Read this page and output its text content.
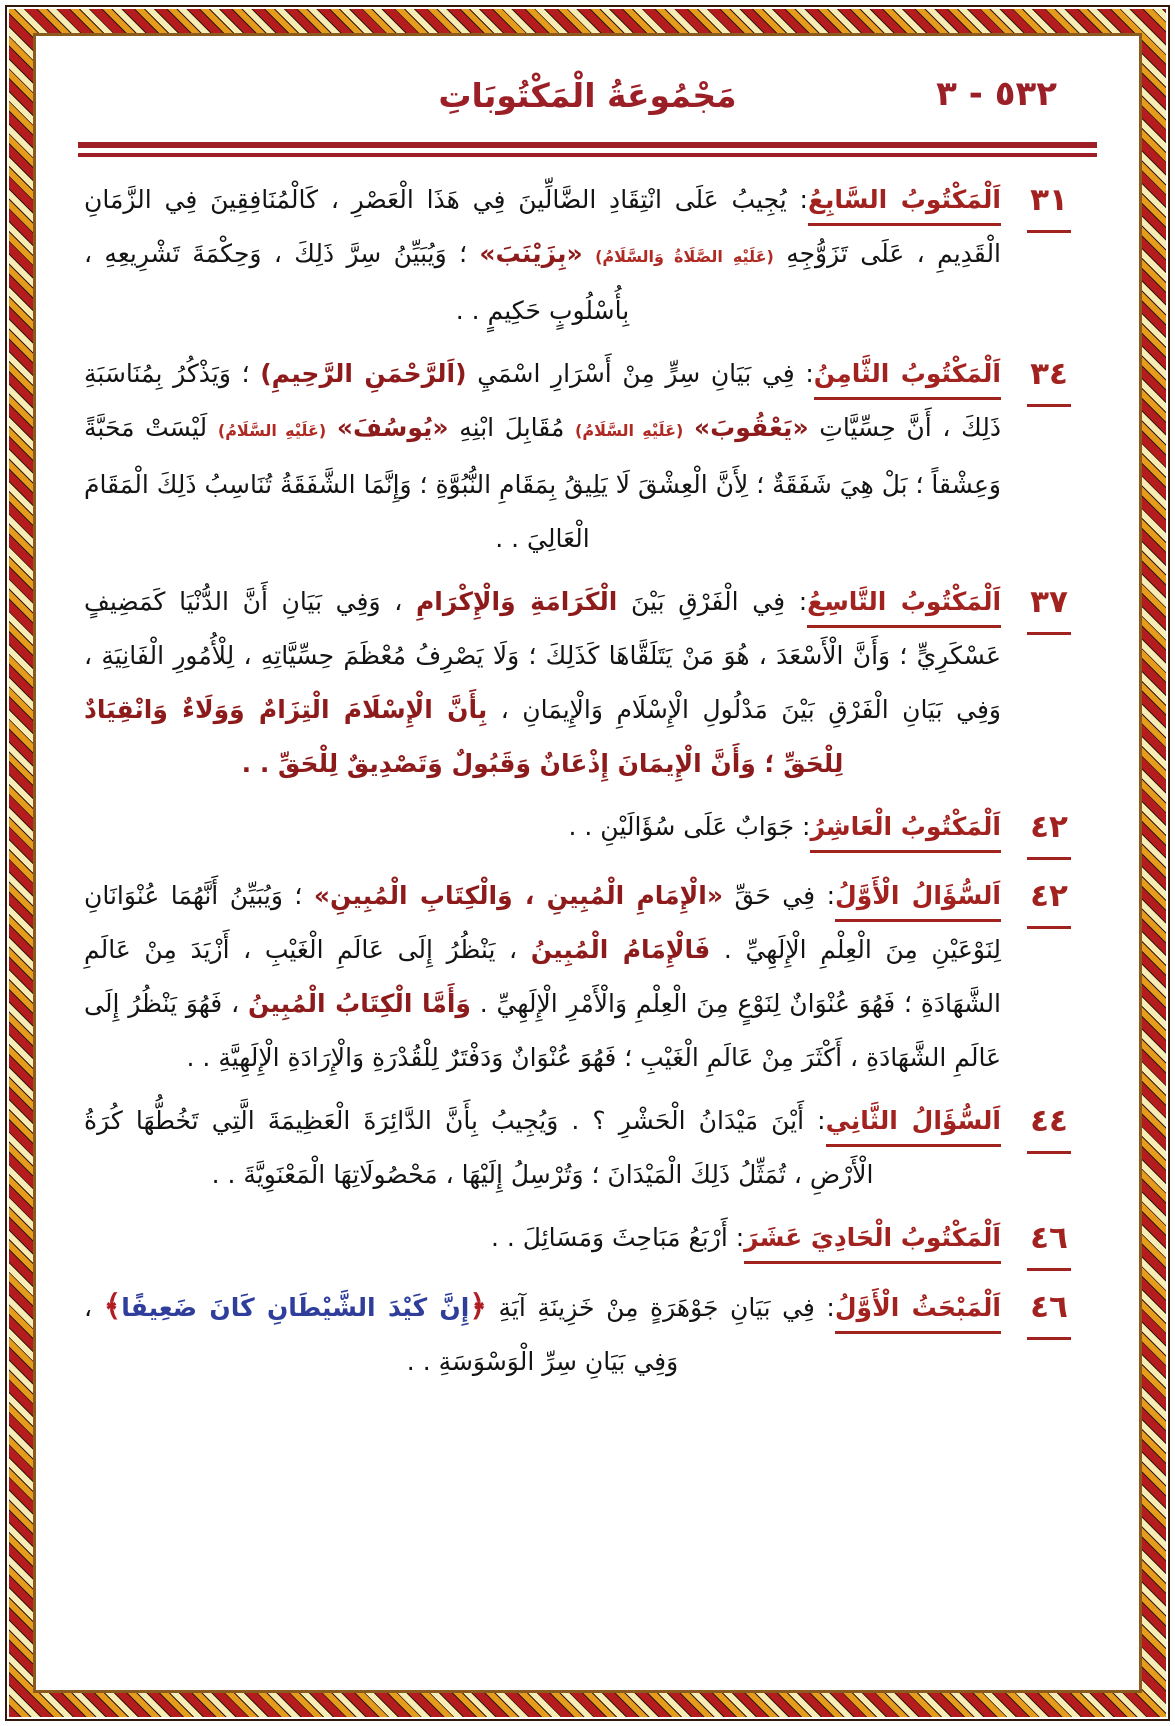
٥٣٢ - ٣
مَجْمُوعَةُ الْمَكْتُوبَاتِ
٣١
اَلْمَكْتُوبُ السَّابِعُ: يُجِيبُ عَلَى انْتِقَادِ الضَّالِّينَ فِي هَذَا الْعَصْرِ ، كَالْمُنَافِقِينَ فِي الزَّمَانِ الْقَدِيمِ ، عَلَى تَزَوُّجِهِ (عَلَيْهِ الصَّلَاةُ وَالسَّلَامُ) «بِزَيْنَبَ» ؛ وَيُبَيِّنُ سِرَّ ذَلِكَ ، وَحِكْمَةَ تَشْرِيعِهِ ، بِأُسْلُوبٍ حَكِيمٍ . .
٣٤
اَلْمَكْتُوبُ الثَّامِنُ: فِي بَيَانِ سِرٍّ مِنْ أَسْرَارِ اسْمَيِ (اَلرَّحْمَنِ الرَّحِيمِ) ؛ وَيَذْكُرُ بِمُنَاسَبَةِ ذَلِكَ ، أَنَّ حِسِّيَّاتِ «يَعْقُوبَ» (عَلَيْهِ السَّلَامُ) مُقَابِلَ ابْنِهِ «يُوسُفَ» (عَلَيْهِ السَّلَامُ) لَيْسَتْ مَحَبَّةً وَعِشْقاً ؛ بَلْ هِيَ شَفَقَةٌ ؛ لِأَنَّ الْعِشْقَ لَا يَلِيقُ بِمَقَامِ النُّبُوَّةِ ؛ وَإِنَّمَا الشَّفَقَةُ تُنَاسِبُ ذَلِكَ الْمَقَامَ الْعَالِيَ . .
٣٧
اَلْمَكْتُوبُ التَّاسِعُ: فِي الْفَرْقِ بَيْنَ الْكَرَامَةِ وَالْإِكْرَامِ ، وَفِي بَيَانِ أَنَّ الدُّنْيَا كَمَضِيفٍ عَسْكَرِيٍّ ؛ وَأَنَّ الْأَسْعَدَ ، هُوَ مَنْ يَتَلَقَّاهَا كَذَلِكَ ؛ وَلَا يَصْرِفُ مُعْظَمَ حِسِّيَّاتِهِ ، لِلْأُمُورِ الْفَانِيَةِ ، وَفِي بَيَانِ الْفَرْقِ بَيْنَ مَدْلُولِ الْإِسْلَامِ وَالْإِيمَانِ ، بِأَنَّ الْإِسْلَامَ الْتِزَامٌ وَوَلَاءٌ وَانْقِيَادٌ لِلْحَقِّ ؛ وَأَنَّ الْإِيمَانَ إِذْعَانٌ وَقَبُولٌ وَتَصْدِيقٌ لِلْحَقِّ . .
٤٢
اَلْمَكْتُوبُ الْعَاشِرُ: جَوَابٌ عَلَى سُؤَالَيْنِ . .
٤٢
اَلسُّؤَالُ الْأَوَّلُ: فِي حَقِّ «الْإِمَامِ الْمُبِينِ ، وَالْكِتَابِ الْمُبِينِ» ؛ وَيُبَيِّنُ أَنَّهُمَا عُنْوَانَانِ لِنَوْعَيْنِ مِنَ الْعِلْمِ الْإِلَهِيِّ . فَالْإِمَامُ الْمُبِينُ ، يَنْظُرُ إِلَى عَالَمِ الْغَيْبِ ، أَزْيَدَ مِنْ عَالَمِ الشَّهَادَةِ ؛ فَهُوَ عُنْوَانٌ لِنَوْعٍ مِنَ الْعِلْمِ وَالْأَمْرِ الْإِلَهِيِّ . وَأَمَّا الْكِتَابُ الْمُبِينُ ، فَهُوَ يَنْظُرُ إِلَى عَالَمِ الشَّهَادَةِ ، أَكْثَرَ مِنْ عَالَمِ الْغَيْبِ ؛ فَهُوَ عُنْوَانٌ وَدَفْتَرٌ لِلْقُدْرَةِ وَالْإِرَادَةِ الْإِلَهِيَّةِ . .
٤٤
اَلسُّؤَالُ الثَّانِي: أَيْنَ مَيْدَانُ الْحَشْرِ ؟ . وَيُجِيبُ بِأَنَّ الدَّائِرَةَ الْعَظِيمَةَ الَّتِي تَخُطُّهَا كُرَةُ الْأَرْضِ ، تُمَثِّلُ ذَلِكَ الْمَيْدَانَ ؛ وَتُرْسِلُ إِلَيْهَا ، مَحْصُولَاتِهَا الْمَعْنَوِيَّةَ . .
٤٦
اَلْمَكْتُوبُ الْحَادِيَ عَشَرَ: أَرْبَعُ مَبَاحِثَ وَمَسَائِلَ . .
٤٦
اَلْمَبْحَثُ الْأَوَّلُ: فِي بَيَانِ جَوْهَرَةٍ مِنْ خَزِينَةِ آيَةِ ﴿إِنَّ كَيْدَ الشَّيْطَانِ كَانَ ضَعِيفًا﴾ ، وَفِي بَيَانِ سِرِّ الْوَسْوَسَةِ . .
